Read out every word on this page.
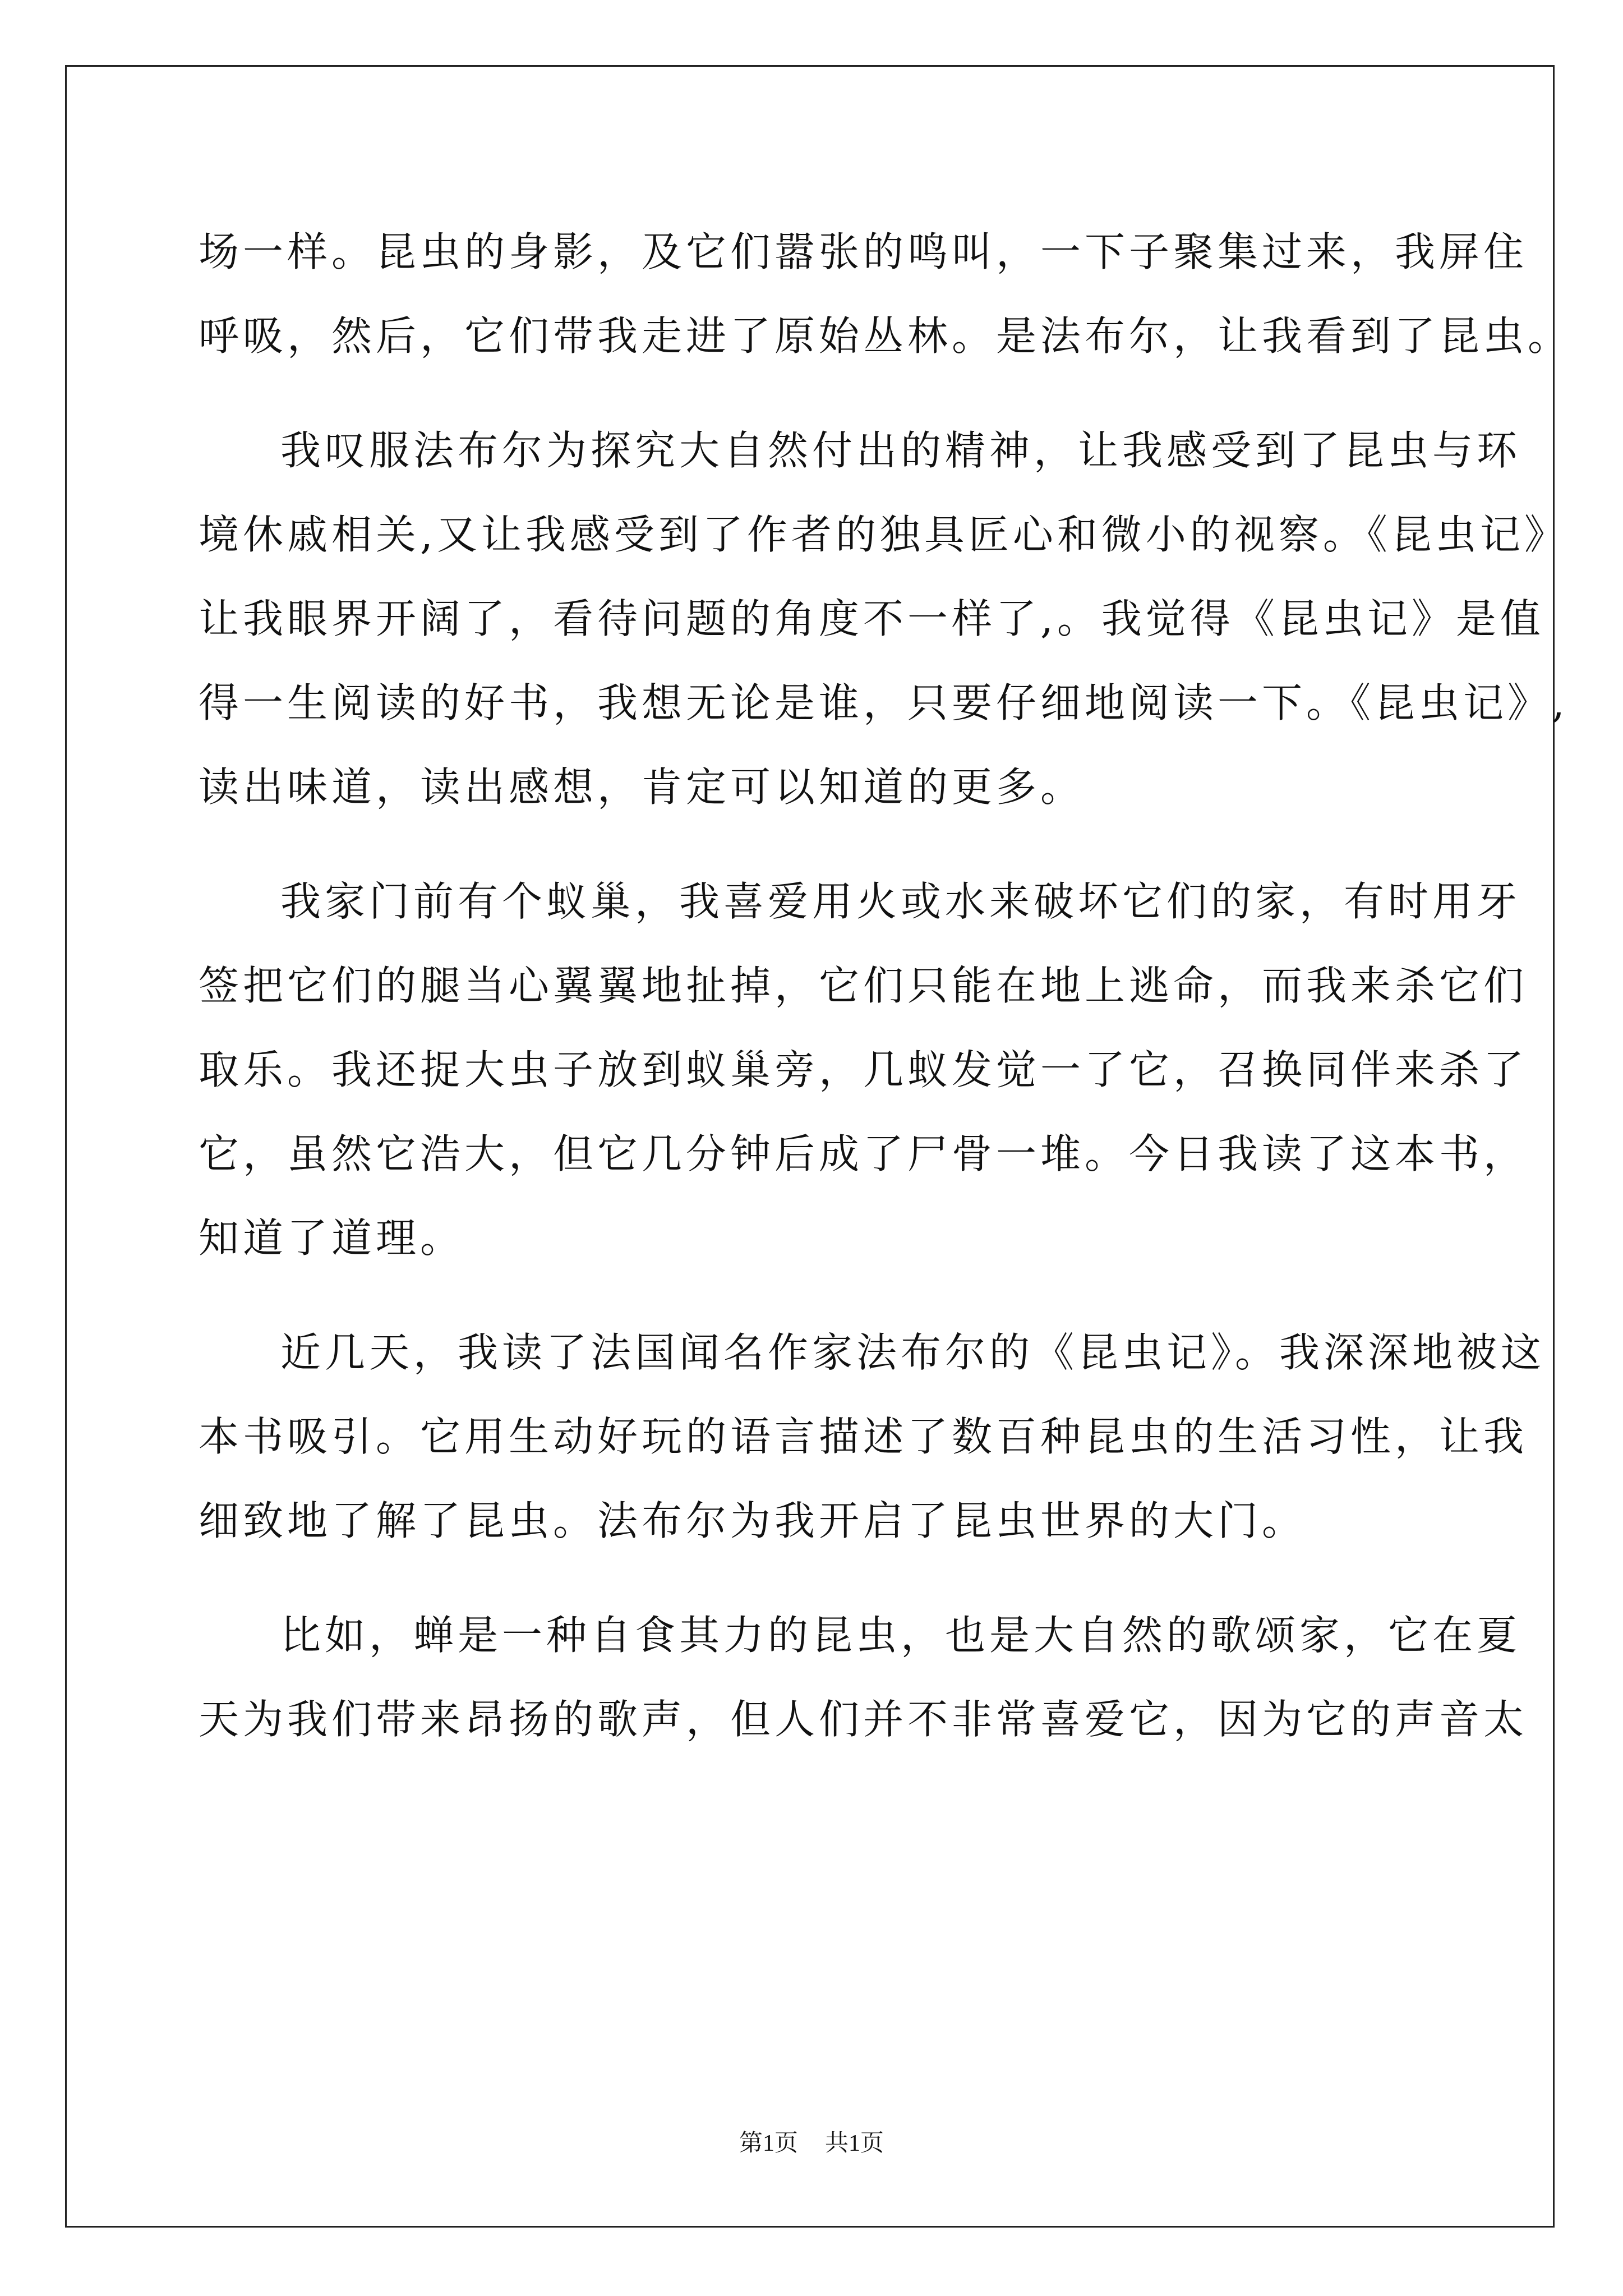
场一样。昆虫的身影，及它们嚣张的鸣叫，一下子聚集过来，我屏住
呼吸，然后，它们带我走进了原始丛林。是法布尔，让我看到了昆虫。
我叹服法布尔为探究大自然付出的精神，让我感受到了昆虫与环
境休戚相关,又让我感受到了作者的独具匠心和微小的视察。《昆虫记》
让我眼界开阔了，看待问题的角度不一样了,。我觉得《昆虫记》是值
得一生阅读的好书，我想无论是谁，只要仔细地阅读一下。《昆虫记》,
读出味道，读出感想，肯定可以知道的更多。
我家门前有个蚁巢，我喜爱用火或水来破坏它们的家，有时用牙
签把它们的腿当心翼翼地扯掉，它们只能在地上逃命，而我来杀它们
取乐。我还捉大虫子放到蚁巢旁，几蚁发觉一了它，召换同伴来杀了
它，虽然它浩大，但它几分钟后成了尸骨一堆。今日我读了这本书，
知道了道理。
近几天，我读了法国闻名作家法布尔的《昆虫记》。我深深地被这
本书吸引。它用生动好玩的语言描述了数百种昆虫的生活习性，让我
细致地了解了昆虫。法布尔为我开启了昆虫世界的大门。
比如，蝉是一种自食其力的昆虫，也是大自然的歌颂家，它在夏
天为我们带来昂扬的歌声，但人们并不非常喜爱它，因为它的声音太
第1页 共1页
